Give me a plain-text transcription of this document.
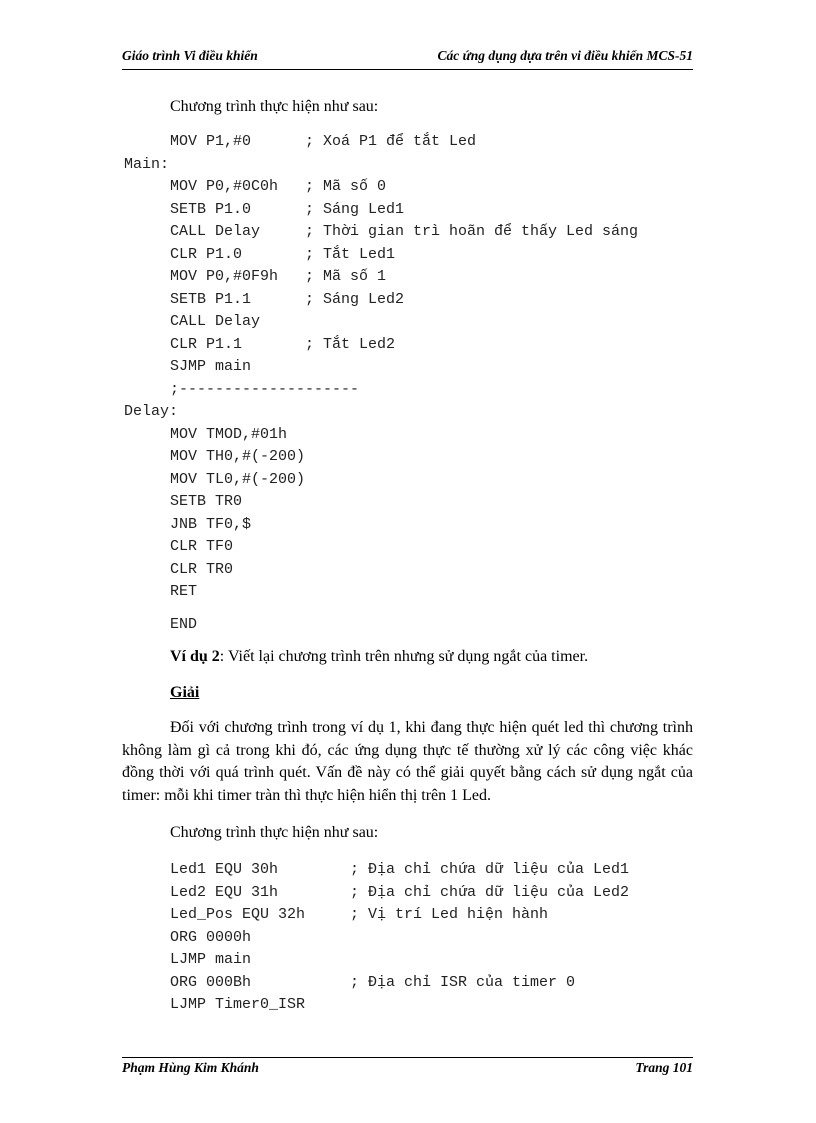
Giáo trình Vi điều khiển	Các ứng dụng dựa trên vi điều khiển MCS-51
Chương trình thực hiện như sau:
MOV P1,#0	; Xoá P1 để tắt Led
Main:
MOV P0,#0C0h ; Mã số 0
SETB P1.0	; Sáng Led1
CALL Delay	; Thời gian trì hoãn để thấy Led sáng
CLR P1.0	; Tắt Led1
MOV P0,#0F9h ; Mã số 1
SETB P1.1	; Sáng Led2
CALL Delay
CLR P1.1	; Tắt Led2
SJMP main
;--------------------
Delay:
MOV TMOD,#01h
MOV TH0,#(-200)
MOV TL0,#(-200)
SETB TR0
JNB TF0,$
CLR TF0
CLR TR0
RET
END
Ví dụ 2: Viết lại chương trình trên nhưng sử dụng ngắt của timer.
Giải
Đối với chương trình trong ví dụ 1, khi đang thực hiện quét led thì chương trình không làm gì cả trong khi đó, các ứng dụng thực tế thường xử lý các công việc khác đồng thời với quá trình quét. Vấn đề này có thể giải quyết bằng cách sử dụng ngắt của timer: mỗi khi timer tràn thì thực hiện hiển thị trên 1 Led.
Chương trình thực hiện như sau:
Led1 EQU 30h	; Địa chỉ chứa dữ liệu của Led1
Led2 EQU 31h	; Địa chỉ chứa dữ liệu của Led2
Led_Pos EQU 32h	; Vị trí Led hiện hành
ORG 0000h
LJMP main
ORG 000Bh	; Địa chỉ ISR của timer 0
LJMP Timer0_ISR
Phạm Hùng Kim Khánh	Trang 101
